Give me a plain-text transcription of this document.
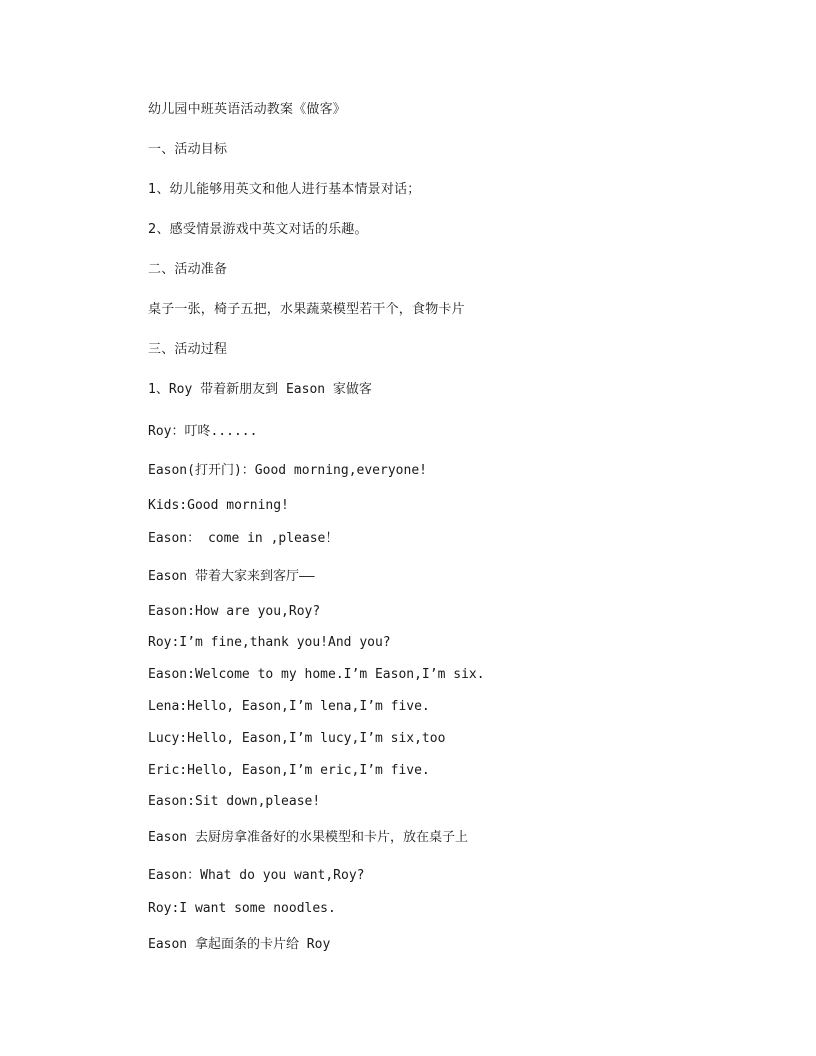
幼儿园中班英语活动教案《做客》
一、活动目标
1、幼儿能够用英文和他人进行基本情景对话；
2、感受情景游戏中英文对话的乐趣。
二、活动准备
桌子一张，椅子五把，水果蔬菜模型若干个，食物卡片
三、活动过程
1、Roy 带着新朋友到 Eason 家做客
Roy：叮咚......
Eason(打开门)：Good morning,everyone!
Kids:Good morning!
Eason： come in ,please！
Eason 带着大家来到客厅——
Eason:How are you,Roy?
Roy:I’m fine,thank you!And you?
Eason:Welcome to my home.I’m Eason,I’m six.
Lena:Hello, Eason,I’m lena,I’m five.
Lucy:Hello, Eason,I’m lucy,I’m six,too
Eric:Hello, Eason,I’m eric,I’m five.
Eason:Sit down,please!
Eason 去厨房拿准备好的水果模型和卡片，放在桌子上
Eason：What do you want,Roy?
Roy:I want some noodles.
Eason 拿起面条的卡片给 Roy
